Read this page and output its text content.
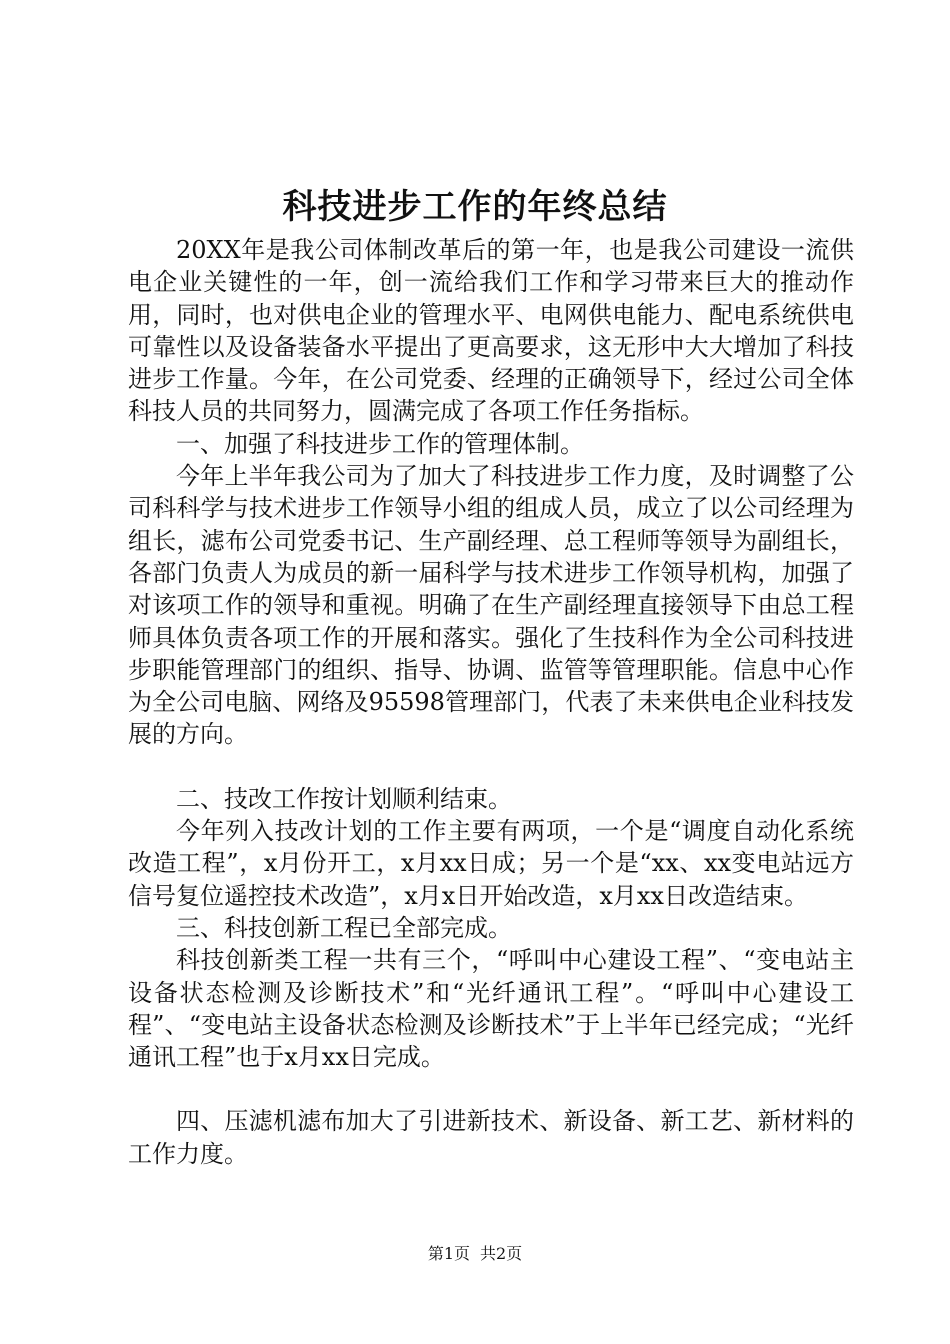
科技进步工作的年终总结

20XX年是我公司体制改革后的第一年，也是我公司建设一流供电企业关键性的一年，创一流给我们工作和学习带来巨大的推动作用，同时，也对供电企业的管理水平、电网供电能力、配电系统供电可靠性以及设备装备水平提出了更高要求，这无形中大大增加了科技进步工作量。今年，在公司党委、经理的正确领导下，经过公司全体科技人员的共同努力，圆满完成了各项工作任务指标。

一、加强了科技进步工作的管理体制。

今年上半年我公司为了加大了科技进步工作力度，及时调整了公司科科学与技术进步工作领导小组的组成人员，成立了以公司经理为组长，滤布公司党委书记、生产副经理、总工程师等领导为副组长，各部门负责人为成员的新一届科学与技术进步工作领导机构，加强了对该项工作的领导和重视。明确了在生产副经理直接领导下由总工程师具体负责各项工作的开展和落实。强化了生技科作为全公司科技进步职能管理部门的组织、指导、协调、监管等管理职能。信息中心作为全公司电脑、网络及95598管理部门，代表了未来供电企业科技发展的方向。

二、技改工作按计划顺利结束。

今年列入技改计划的工作主要有两项，一个是“调度自动化系统改造工程”，x月份开工，x月xx日成；另一个是“xx、xx变电站远方信号复位遥控技术改造”，x月x日开始改造，x月xx日改造结束。

三、科技创新工程已全部完成。

科技创新类工程一共有三个，“呼叫中心建设工程”、“变电站主设备状态检测及诊断技术”和“光纤通讯工程”。“呼叫中心建设工程”、“变电站主设备状态检测及诊断技术”于上半年已经完成；“光纤通讯工程”也于x月xx日完成。

四、压滤机滤布加大了引进新技术、新设备、新工艺、新材料的工作力度。

第1页 共2页
